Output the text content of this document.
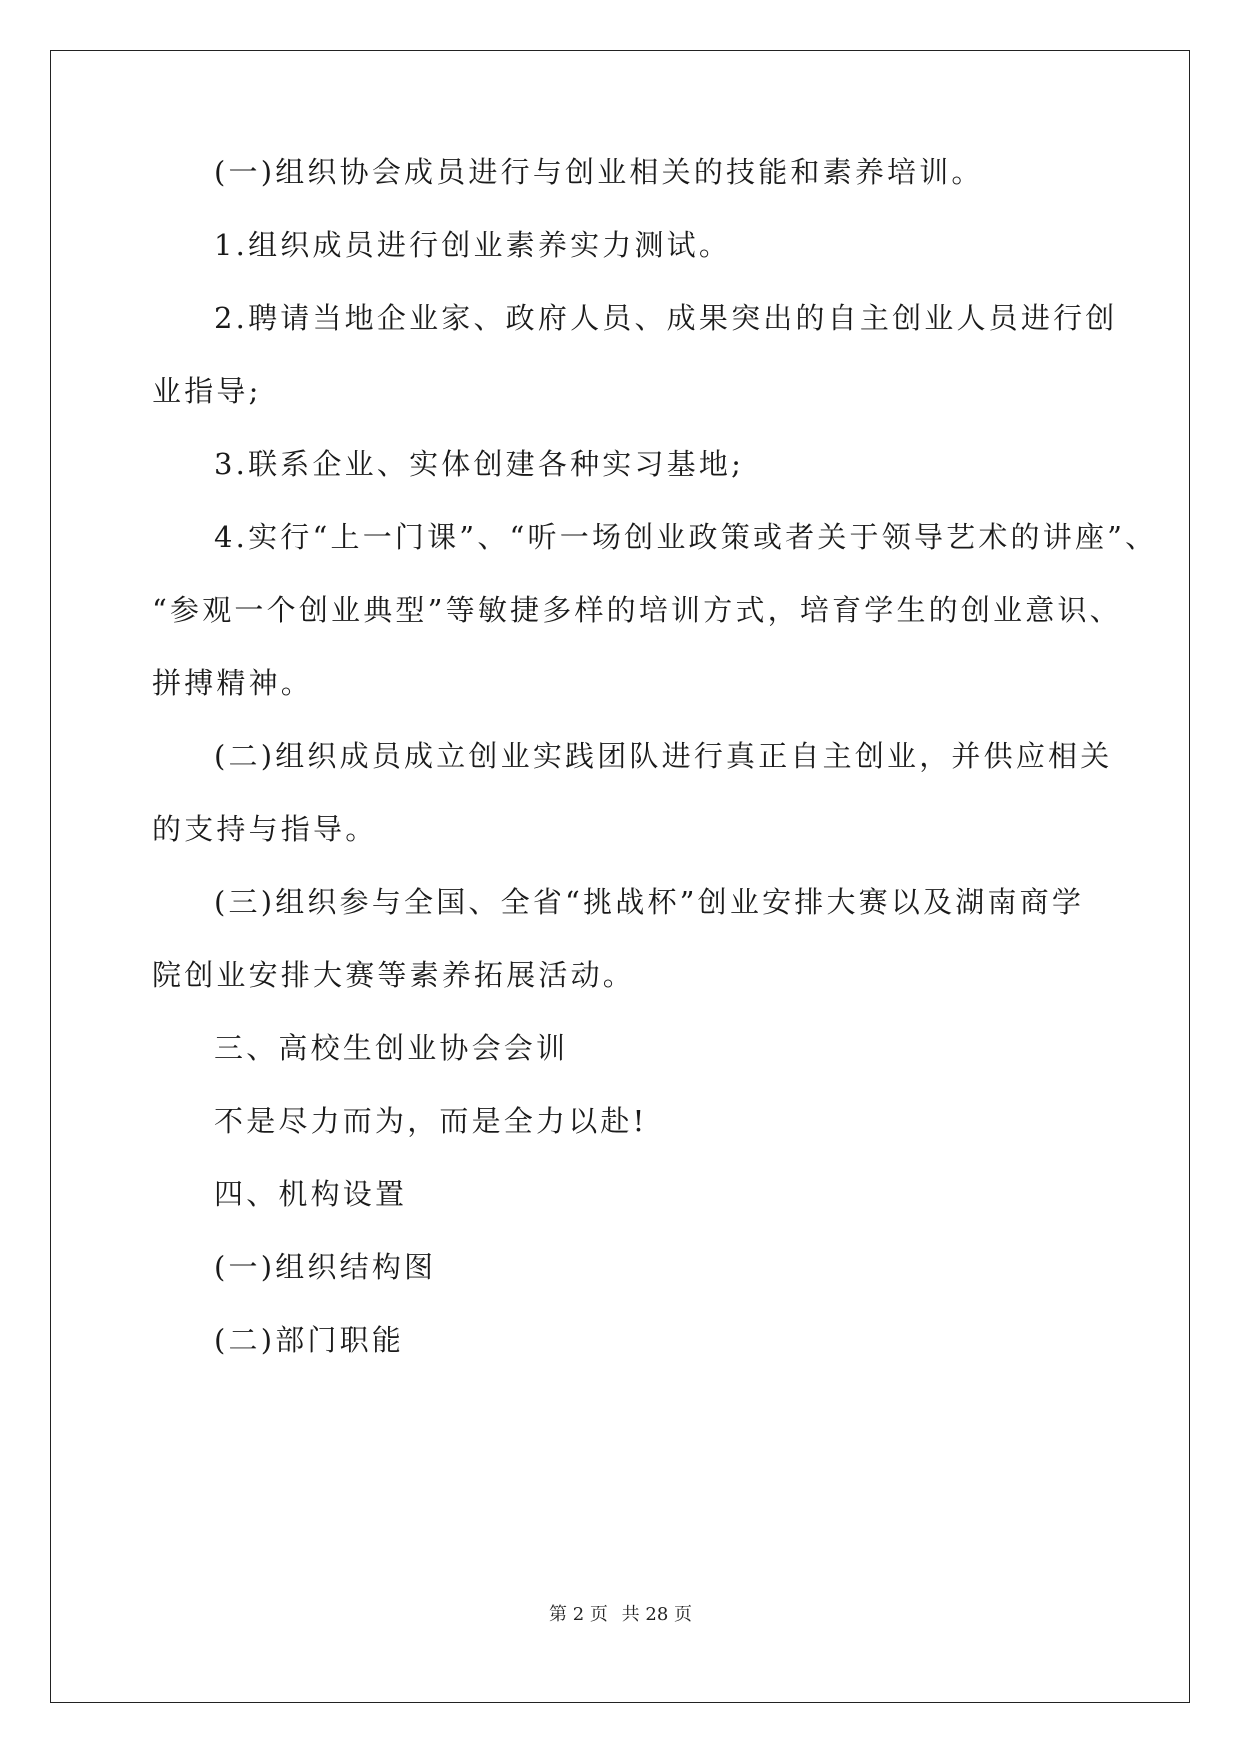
(一)组织协会成员进行与创业相关的技能和素养培训。
1.组织成员进行创业素养实力测试。
2.聘请当地企业家、政府人员、成果突出的自主创业人员进行创
业指导;
3.联系企业、实体创建各种实习基地;
4.实行“上一门课”、“听一场创业政策或者关于领导艺术的讲座”、
“参观一个创业典型”等敏捷多样的培训方式，培育学生的创业意识、
拼搏精神。
(二)组织成员成立创业实践团队进行真正自主创业，并供应相关
的支持与指导。
(三)组织参与全国、全省“挑战杯”创业安排大赛以及湖南商学
院创业安排大赛等素养拓展活动。
三、高校生创业协会会训
不是尽力而为，而是全力以赴!
四、机构设置
(一)组织结构图
(二)部门职能
第 2 页 共 28 页
